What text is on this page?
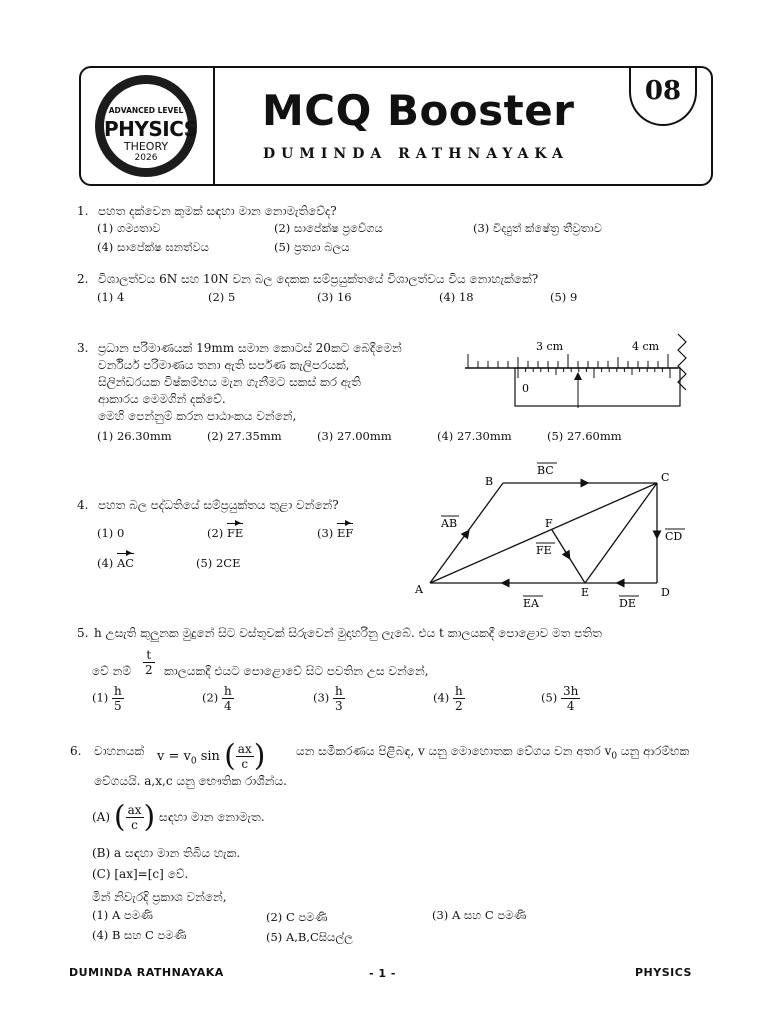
ADVANCED LEVEL
PHYSICS
THEORY
2026
MCQ Booster
DUMINDA RATHNAYAKA
08
1. පහත දක්වෙන කුමක් සඳහා මාන නොමැතිවේද?
(1) ගම්‍යතාව	(2) සාපේක්ෂ ප්‍රවේගය	(3) විද්‍යුත් ක්ෂේත්‍ර තීව්‍රතාව
(4) සාපේක්ෂ ඝනත්වය	(5) ප්‍රත්‍යා බලය
2. විශාලත්වය 6N සහ 10N වන බල දෙකක සම්ප්‍රයුක්තයේ විශාලත්වය විය නොහැක්කේ?
(1) 4	(2) 5	(3) 16	(4) 18	(5) 9
3. ප්‍රධාන පරිමාණයක් 19mm සමාන කොටස් 20කට බෙදීමෙන්
වර්නියර් පරිමාණය තනා ඇති සර්පණ කැලිපරයක්,
සිලින්ඩරයක විෂ්කම්භය මැන ගැනීමට සකස් කර ඇති
ආකාරය මෙමගින් දක්වේ.
මෙහි පෙන්නුම් කරන පාඨාංකය වන්නේ,
(1) 26.30mm	(2) 27.35mm	(3) 27.00mm	(4) 27.30mm	(5) 27.60mm
3 cm	4 cm
0
4. පහත බල පද්ධතියේ සම්ප්‍රයුක්තය තුළා වන්නේ?
(1) 0	(2) FE	(3) EF
(4) AC	(5) 2CE
A
B	C
D
E
F
BC
AB
CD
FE
EA	DE
5. h උසැති කුලුනක මුදුනේ සිට වස්තුවක් සිරුවෙන් මුදාහරිනු ලැබේ. එය t කාලයකදී පොළොව මත පතිත
වේ නම් $\frac{t}{2}$ කාලයකදී එයට පොළොවේ සිට පවතින උස වන්නේ,
$(1) \frac{h}{5}$	$(2) \frac{h}{4}$	$(3) \frac{h}{3}$	$(4) \frac{h}{2}$	$(5) \frac{3h}{4}$
6. වාහනයක් $v = v_0$ sin ( $\frac{ax}{c}$ )	යන සමීකරණය පිළිබඳ, v යනු මොහොතක වේගය වන අතර $v_0$ යනු ආරම්භක
වේගයයි. a,x,c යනු භෞතික රාශීන්ය.
(A) ( $\frac{ax}{c}$ ) සඳහා මාන නොමැත.
(B) a සඳහා මාන තිබිය හැක.
(C) [ax]=[c] වේ.
මින් නිවැරදි ප්‍රකාශ වන්නේ,
(1) A පමණි	(2) C පමණි	(3) A සහ C පමණි
(4) B සහ C පමණි	(5) A,B,Cසියල්ල
DUMINDA RATHNAYAKA	- 1 -	PHYSICS
